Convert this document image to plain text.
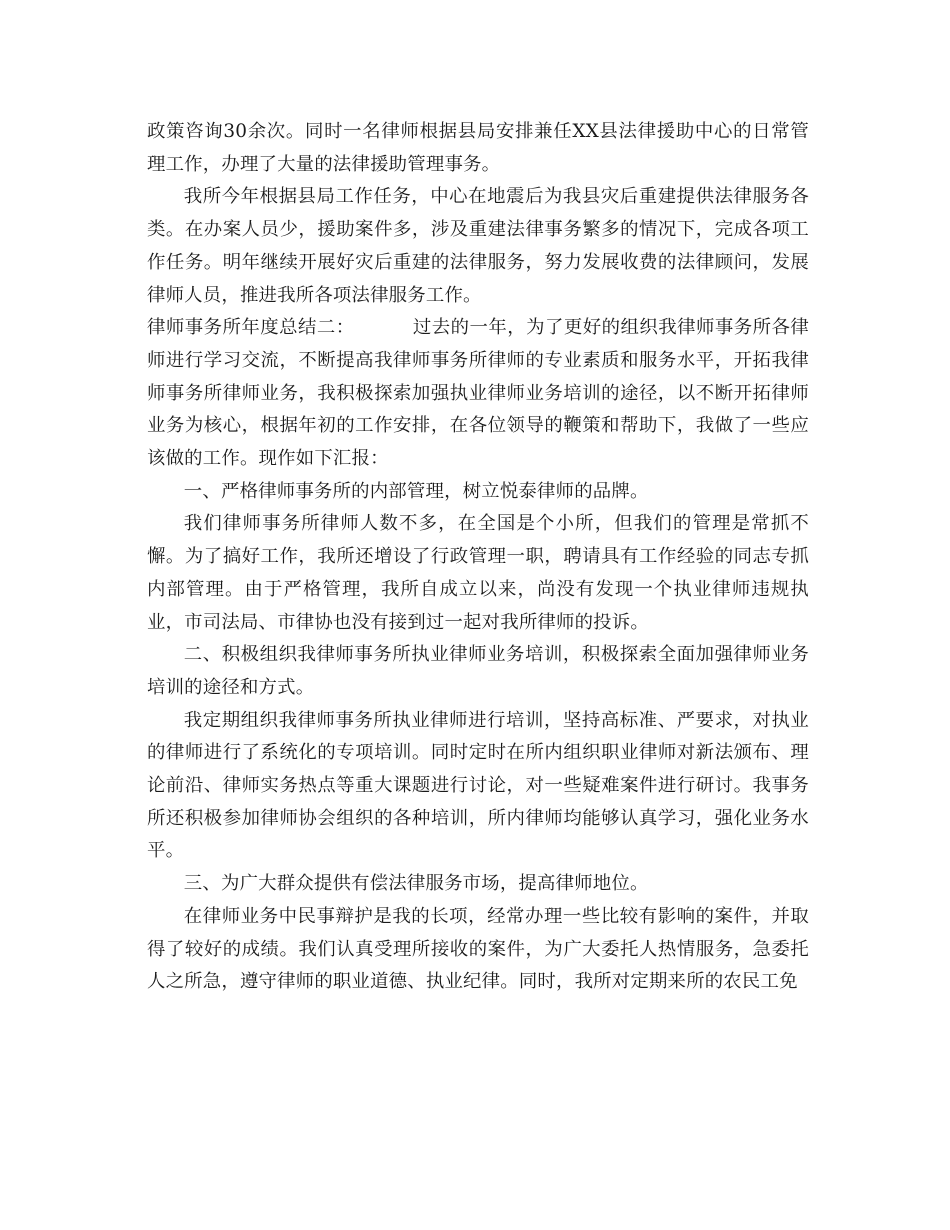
政策咨询30余次。同时一名律师根据县局安排兼任XX县法律援助中心的日常管理工作，办理了大量的法律援助管理事务。

我所今年根据县局工作任务，中心在地震后为我县灾后重建提供法律服务各类。在办案人员少，援助案件多，涉及重建法律事务繁多的情况下，完成各项工作任务。明年继续开展好灾后重建的法律服务，努力发展收费的法律顾问，发展律师人员，推进我所各项法律服务工作。

律师事务所年度总结二：	过去的一年，为了更好的组织我律师事务所各律师进行学习交流，不断提高我律师事务所律师的专业素质和服务水平，开拓我律师事务所律师业务，我积极探索加强执业律师业务培训的途径，以不断开拓律师业务为核心，根据年初的工作安排，在各位领导的鞭策和帮助下，我做了一些应该做的工作。现作如下汇报：

一、严格律师事务所的内部管理，树立悦泰律师的品牌。

我们律师事务所律师人数不多，在全国是个小所，但我们的管理是常抓不懈。为了搞好工作，我所还增设了行政管理一职，聘请具有工作经验的同志专抓内部管理。由于严格管理，我所自成立以来，尚没有发现一个执业律师违规执业，市司法局、市律协也没有接到过一起对我所律师的投诉。

二、积极组织我律师事务所执业律师业务培训，积极探索全面加强律师业务培训的途径和方式。

我定期组织我律师事务所执业律师进行培训，坚持高标准、严要求，对执业的律师进行了系统化的专项培训。同时定时在所内组织职业律师对新法颁布、理论前沿、律师实务热点等重大课题进行讨论，对一些疑难案件进行研讨。我事务所还积极参加律师协会组织的各种培训，所内律师均能够认真学习，强化业务水平。

三、为广大群众提供有偿法律服务市场，提高律师地位。

在律师业务中民事辩护是我的长项，经常办理一些比较有影响的案件，并取得了较好的成绩。我们认真受理所接收的案件，为广大委托人热情服务，急委托人之所急，遵守律师的职业道德、执业纪律。同时，我所对定期来所的农民工免
